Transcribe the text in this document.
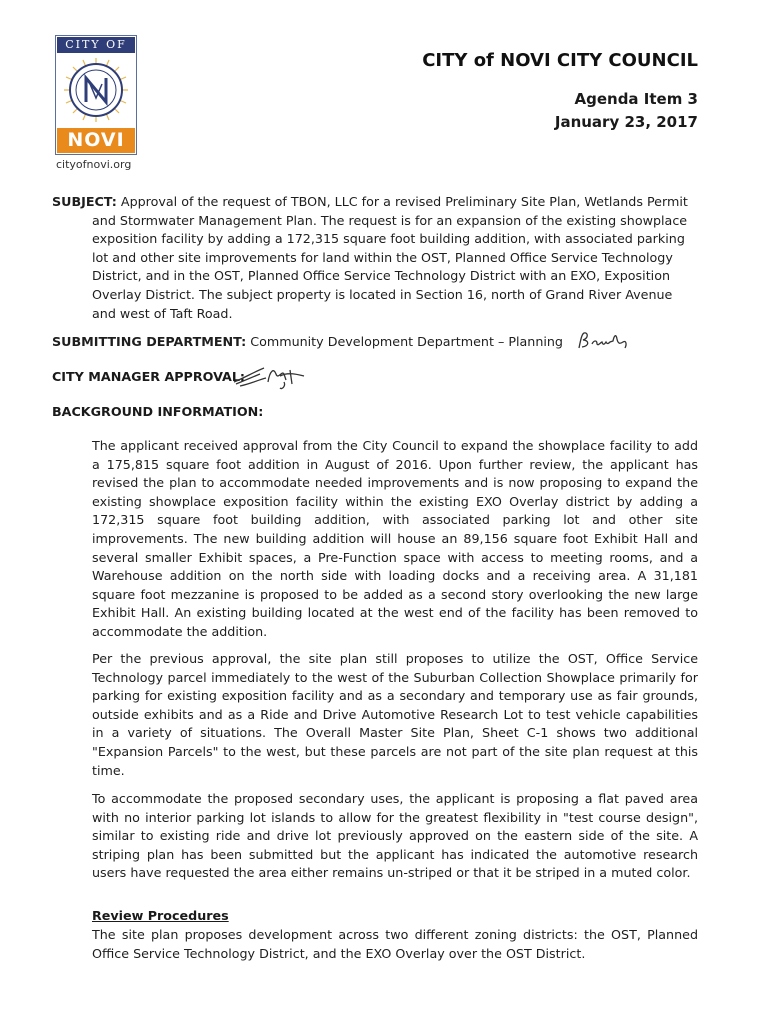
CITY OF
NOVI
cityofnovi.org
CITY of NOVI CITY COUNCIL
Agenda Item 3
January 23, 2017
SUBJECT: Approval of the request of TBON, LLC for a revised Preliminary Site Plan, Wetlands Permit and Stormwater Management Plan. The request is for an expansion of the existing showplace exposition facility by adding a 172,315 square foot building addition, with associated parking lot and other site improvements for land within the OST, Planned Office Service Technology District, and in the OST, Planned Office Service Technology District with an EXO, Exposition Overlay District. The subject property is located in Section 16, north of Grand River Avenue and west of Taft Road.
SUBMITTING DEPARTMENT: Community Development Department – Planning
CITY MANAGER APPROVAL:
BACKGROUND INFORMATION:
The applicant received approval from the City Council to expand the showplace facility to add a 175,815 square foot addition in August of 2016. Upon further review, the applicant has revised the plan to accommodate needed improvements and is now proposing to expand the existing showplace exposition facility within the existing EXO Overlay district by adding a 172,315 square foot building addition, with associated parking lot and other site improvements. The new building addition will house an 89,156 square foot Exhibit Hall and several smaller Exhibit spaces, a Pre-Function space with access to meeting rooms, and a Warehouse addition on the north side with loading docks and a receiving area. A 31,181 square foot mezzanine is proposed to be added as a second story overlooking the new large Exhibit Hall. An existing building located at the west end of the facility has been removed to accommodate the addition.
Per the previous approval, the site plan still proposes to utilize the OST, Office Service Technology parcel immediately to the west of the Suburban Collection Showplace primarily for parking for existing exposition facility and as a secondary and temporary use as fair grounds, outside exhibits and as a Ride and Drive Automotive Research Lot to test vehicle capabilities in a variety of situations. The Overall Master Site Plan, Sheet C-1 shows two additional "Expansion Parcels" to the west, but these parcels are not part of the site plan request at this time.
To accommodate the proposed secondary uses, the applicant is proposing a flat paved area with no interior parking lot islands to allow for the greatest flexibility in "test course design", similar to existing ride and drive lot previously approved on the eastern side of the site. A striping plan has been submitted but the applicant has indicated the automotive research users have requested the area either remains un-striped or that it be striped in a muted color.
Review Procedures
The site plan proposes development across two different zoning districts: the OST, Planned Office Service Technology District, and the EXO Overlay over the OST District.
